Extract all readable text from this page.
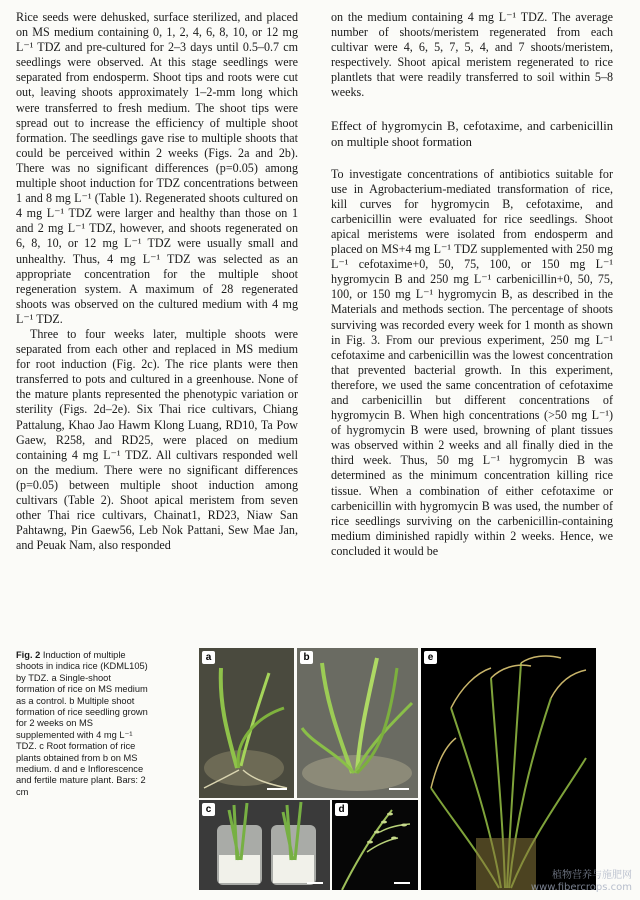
Rice seeds were dehusked, surface sterilized, and placed on MS medium containing 0, 1, 2, 4, 6, 8, 10, or 12 mg L⁻¹ TDZ and pre-cultured for 2–3 days until 0.5–0.7 cm seedlings were observed. At this stage seedlings were separated from endosperm. Shoot tips and roots were cut out, leaving shoots approximately 1–2-mm long which were transferred to fresh medium. The shoot tips were spread out to increase the efficiency of multiple shoot formation. The seedlings gave rise to multiple shoots that could be perceived within 2 weeks (Figs. 2a and 2b). There was no significant differences (p=0.05) among multiple shoot induction for TDZ concentrations between 1 and 8 mg L⁻¹ (Table 1). Regenerated shoots cultured on 4 mg L⁻¹ TDZ were larger and healthy than those on 1 and 2 mg L⁻¹ TDZ, however, and shoots regenerated on 6, 8, 10, or 12 mg L⁻¹ TDZ were usually small and unhealthy. Thus, 4 mg L⁻¹ TDZ was selected as an appropriate concentration for the multiple shoot regeneration system. A maximum of 28 regenerated shoots was observed on the cultured medium with 4 mg L⁻¹ TDZ.

Three to four weeks later, multiple shoots were separated from each other and replaced in MS medium for root induction (Fig. 2c). The rice plants were then transferred to pots and cultured in a greenhouse. None of the mature plants represented the phenotypic variation or sterility (Figs. 2d–2e). Six Thai rice cultivars, Chiang Pattalung, Khao Jao Hawm Klong Luang, RD10, Ta Pow Gaew, R258, and RD25, were placed on medium containing 4 mg L⁻¹ TDZ. All cultivars responded well on the medium. There were no significant differences (p=0.05) between multiple shoot induction among cultivars (Table 2). Shoot apical meristem from seven other Thai rice cultivars, Chainat1, RD23, Niaw San Pahtawng, Pin Gaew56, Leb Nok Pattani, Sew Mae Jan, and Peuak Nam, also responded

on the medium containing 4 mg L⁻¹ TDZ. The average number of shoots/meristem regenerated from each cultivar were 4, 6, 5, 7, 5, 4, and 7 shoots/meristem, respectively. Shoot apical meristem regenerated to rice plantlets that were readily transferred to soil within 5–8 weeks.

Effect of hygromycin B, cefotaxime, and carbenicillin on multiple shoot formation

To investigate concentrations of antibiotics suitable for use in Agrobacterium-mediated transformation of rice, kill curves for hygromycin B, cefotaxime, and carbenicillin were evaluated for rice seedlings. Shoot apical meristems were isolated from endosperm and placed on MS+4 mg L⁻¹ TDZ supplemented with 250 mg L⁻¹ cefotaxime+0, 50, 75, 100, or 150 mg L⁻¹ hygromycin B and 250 mg L⁻¹ carbenicillin+0, 50, 75, 100, or 150 mg L⁻¹ hygromycin B, as described in the Materials and methods section. The percentage of shoots surviving was recorded every week for 1 month as shown in Fig. 3. From our previous experiment, 250 mg L⁻¹ cefotaxime and carbenicillin was the lowest concentration that prevented bacterial growth. In this experiment, therefore, we used the same concentration of cefotaxime and carbenicillin but different concentrations of hygromycin B. When high concentrations (>50 mg L⁻¹) of hygromycin B were used, browning of plant tissues was observed within 2 weeks and all finally died in the third week. Thus, 50 mg L⁻¹ hygromycin B was determined as the minimum concentration killing rice tissue. When a combination of either cefotaxime or carbenicillin with hygromycin B was used, the number of rice seedlings surviving on the carbenicillin-containing medium diminished rapidly within 2 weeks. Hence, we concluded it would be

Fig. 2 Induction of multiple shoots in indica rice (KDML105) by TDZ. a Single-shoot formation of rice on MS medium as a control. b Multiple shoot formation of rice seedling grown for 2 weeks on MS supplemented with 4 mg L⁻¹ TDZ. c Root formation of rice plants obtained from b on MS medium. d and e Inflorescence and fertile mature plant. Bars: 2 cm
a	b
c	d
e
植物营养与施肥网
www.fibercrops.com
